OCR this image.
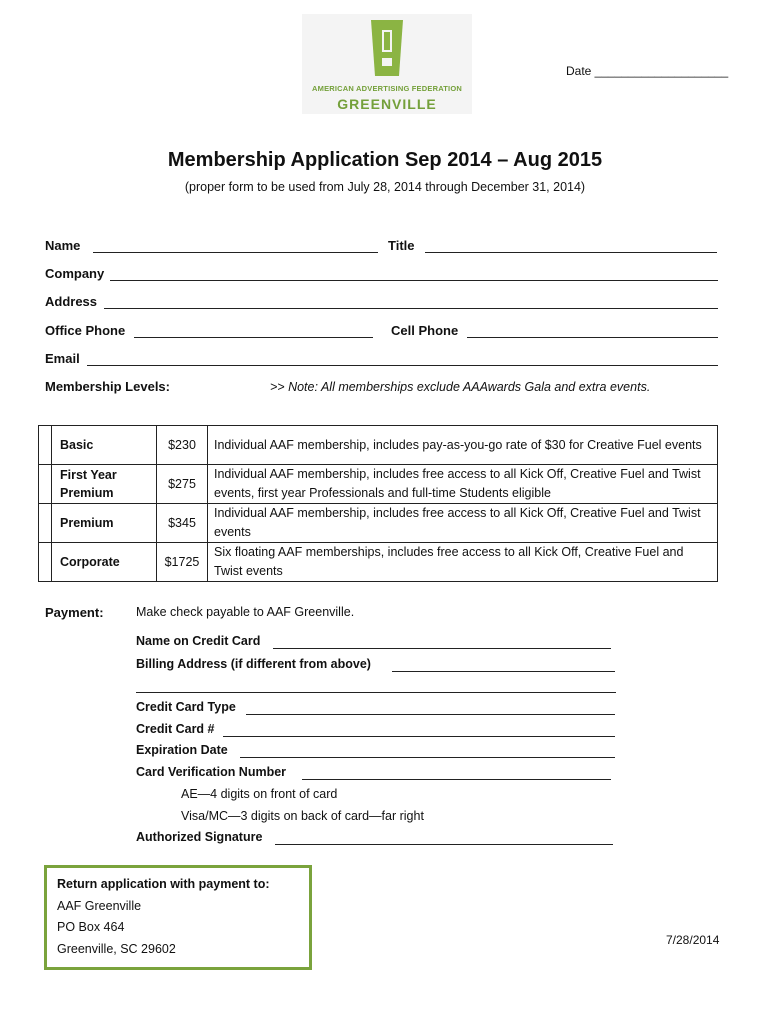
AMERICAN ADVERTISING FEDERATION
GREENVILLE
Date ____________________
Membership Application Sep 2014 – Aug 2015
(proper form to be used from July 28, 2014 through December 31, 2014)
Name	Title
Company
Address
Office Phone	Cell Phone
Email
Membership Levels:	>> Note: All memberships exclude AAAwards Gala and extra events.
	Basic	$230	Individual AAF membership, includes pay-as-you-go rate of $30 for Creative Fuel events
	First Year Premium	$275	Individual AAF membership, includes free access to all Kick Off, Creative Fuel and Twist events, first year Professionals and full-time Students eligible
	Premium	$345	Individual AAF membership, includes free access to all Kick Off, Creative Fuel and Twist events
	Corporate	$1725	Six floating AAF memberships, includes free access to all Kick Off, Creative Fuel and Twist events
Payment:	Make check payable to AAF Greenville.
Name on Credit Card
Billing Address (if different from above)
Credit Card Type
Credit Card #
Expiration Date
Card Verification Number
AE—4 digits on front of card
Visa/MC—3 digits on back of card—far right
Authorized Signature
Return application with payment to:
AAF Greenville
PO Box 464
Greenville, SC 29602
7/28/2014
